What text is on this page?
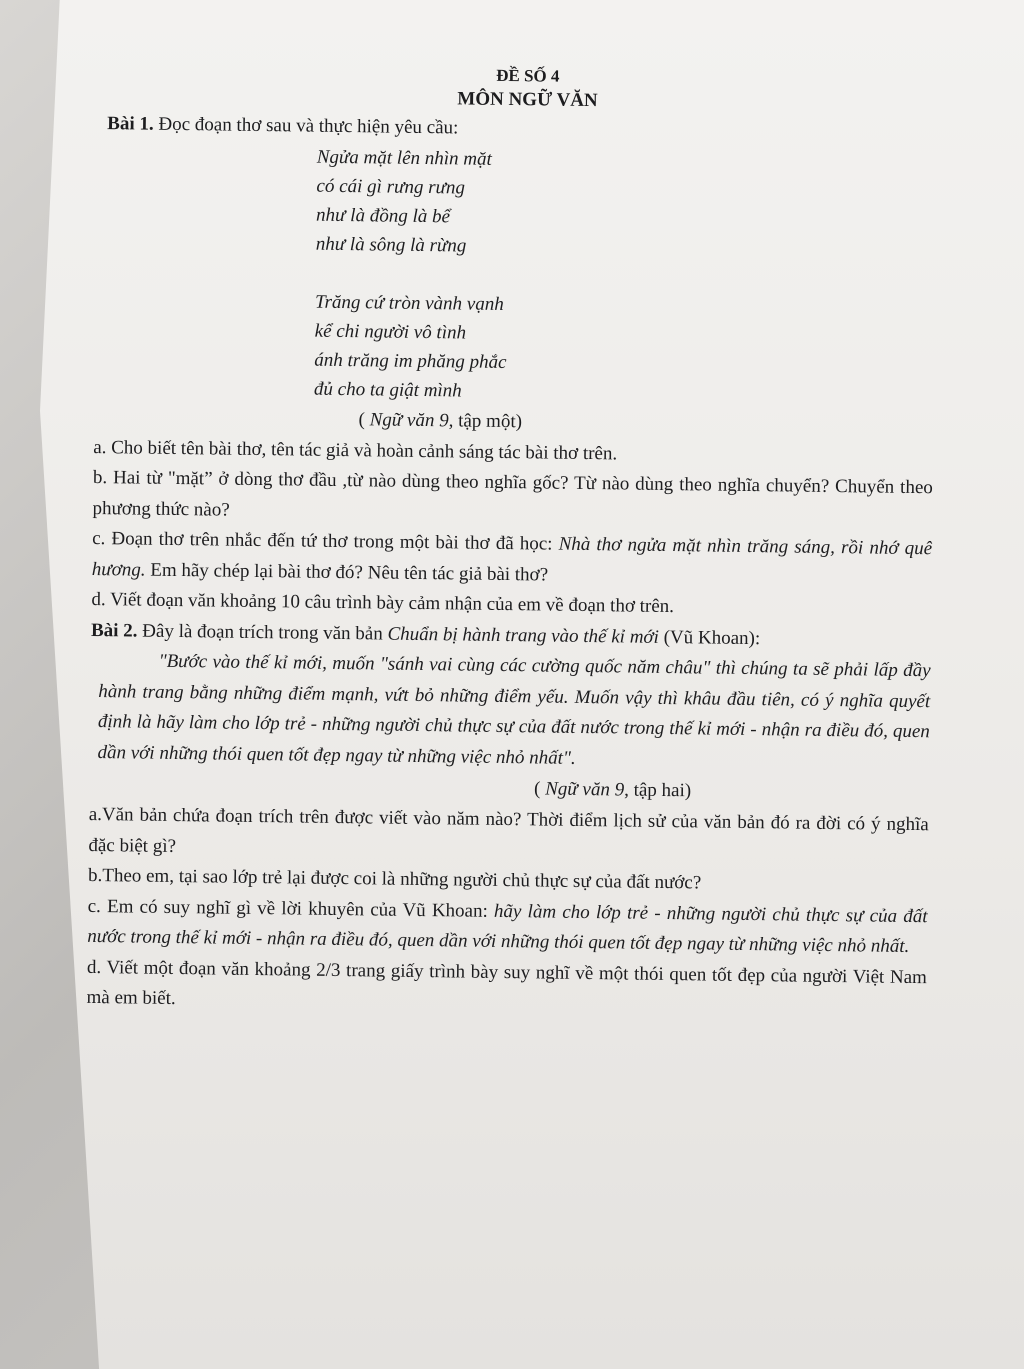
ĐỀ SỐ 4
MÔN NGỮ VĂN
Bài 1. Đọc đoạn thơ sau và thực hiện yêu cầu:
Ngửa mặt lên nhìn mặt
có cái gì rưng rưng
như là đồng là bể
như là sông là rừng
Trăng cứ tròn vành vạnh
kể chi người vô tình
ánh trăng im phăng phắc
đủ cho ta giật mình
( Ngữ văn 9, tập một)
a. Cho biết tên bài thơ, tên tác giả và hoàn cảnh sáng tác bài thơ trên.
b. Hai từ "mặt” ở dòng thơ đầu ,từ nào dùng theo nghĩa gốc? Từ nào dùng theo nghĩa chuyển? Chuyển theo phương thức nào?
c. Đoạn thơ trên nhắc đến tứ thơ trong một bài thơ đã học: Nhà thơ ngửa mặt nhìn trăng sáng, rồi nhớ quê hương. Em hãy chép lại bài thơ đó? Nêu tên tác giả bài thơ?
d. Viết đoạn văn khoảng 10 câu trình bày cảm nhận của em về đoạn thơ trên.
Bài 2. Đây là đoạn trích trong văn bản Chuẩn bị hành trang vào thế kỉ mới (Vũ Khoan):
"Bước vào thế kỉ mới, muốn "sánh vai cùng các cường quốc năm châu" thì chúng ta sẽ phải lấp đầy hành trang bằng những điểm mạnh, vứt bỏ những điểm yếu. Muốn vậy thì khâu đầu tiên, có ý nghĩa quyết định là hãy làm cho lớp trẻ - những người chủ thực sự của đất nước trong thế kỉ mới - nhận ra điều đó, quen dần với những thói quen tốt đẹp ngay từ những việc nhỏ nhất".
( Ngữ văn 9, tập hai)
a.Văn bản chứa đoạn trích trên được viết vào năm nào? Thời điểm lịch sử của văn bản đó ra đời có ý nghĩa đặc biệt gì?
b.Theo em, tại sao lớp trẻ lại được coi là những người chủ thực sự của đất nước?
c. Em có suy nghĩ gì về lời khuyên của Vũ Khoan: hãy làm cho lớp trẻ - những người chủ thực sự của đất nước trong thế kỉ mới - nhận ra điều đó, quen dần với những thói quen tốt đẹp ngay từ những việc nhỏ nhất.
d. Viết một đoạn văn khoảng 2/3 trang giấy trình bày suy nghĩ về một thói quen tốt đẹp của người Việt Nam mà em biết.
